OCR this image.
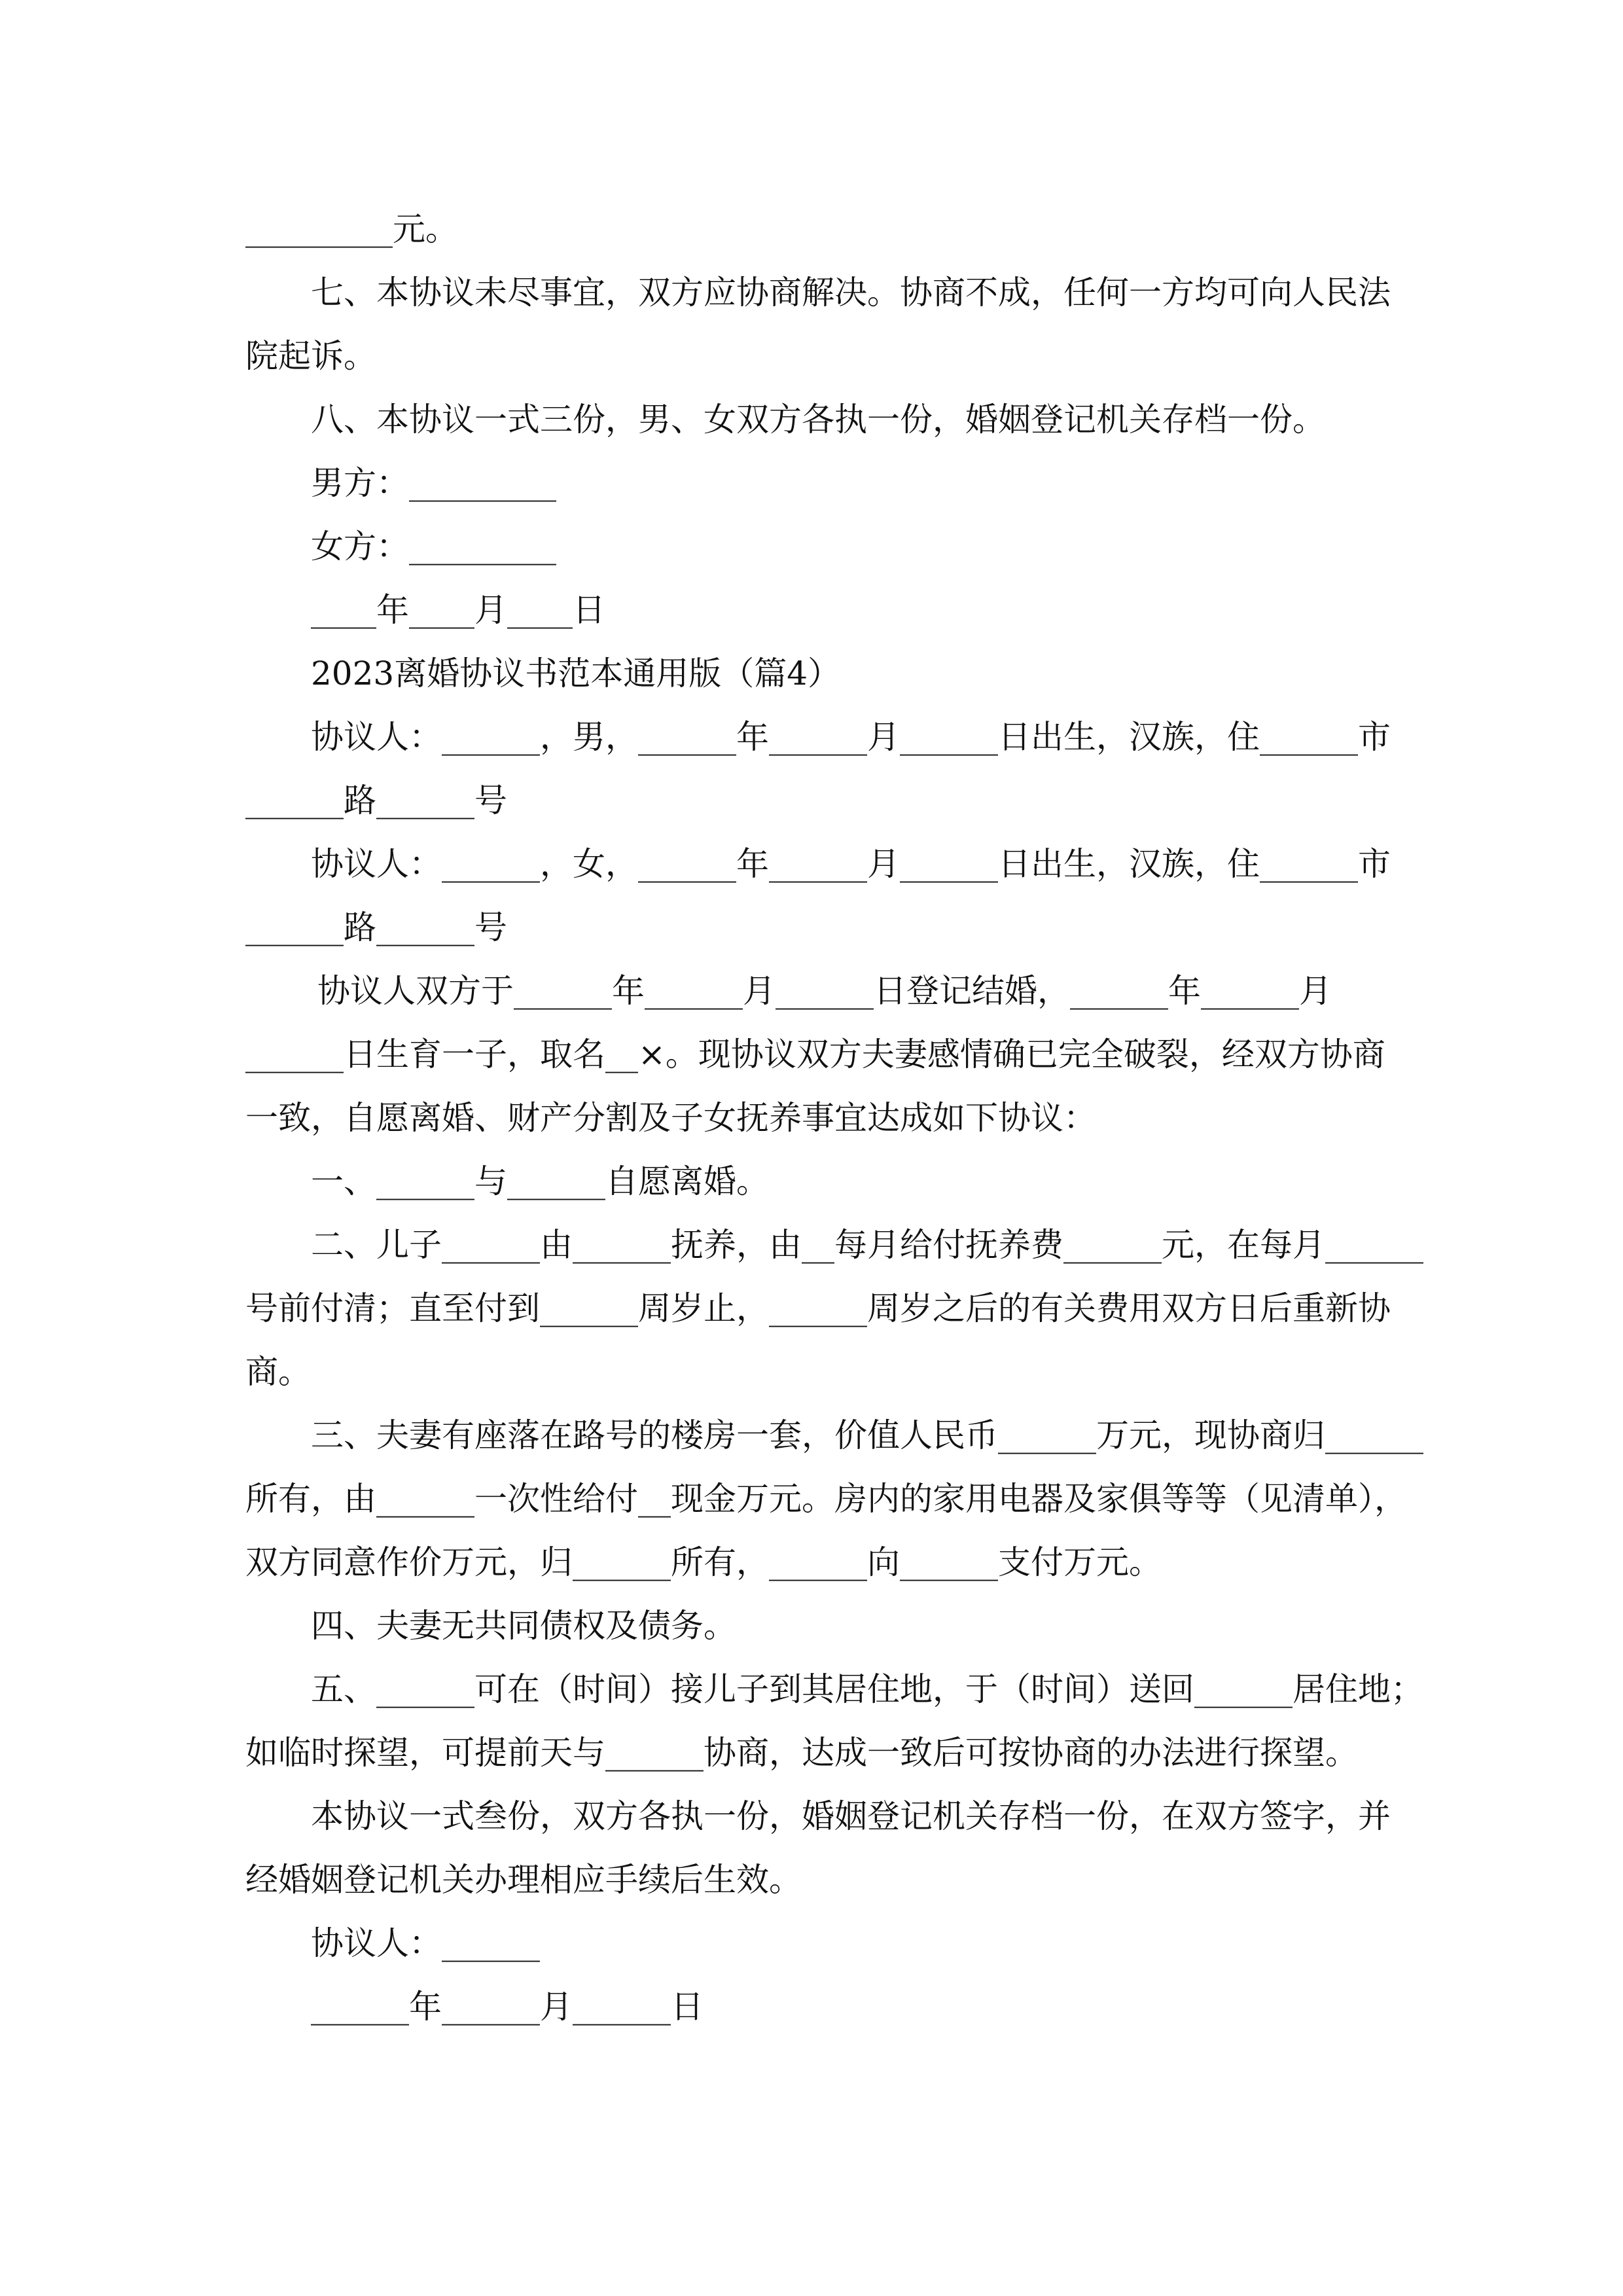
_________元。
七、本协议未尽事宜，双方应协商解决。协商不成，任何一方均可向人民法
院起诉。
八、本协议一式三份，男、女双方各执一份，婚姻登记机关存档一份。
男方：_________
女方：_________
____年____月____日
2023离婚协议书范本通用版（篇4）
协议人：______，男，______年______月______日出生，汉族，住______市
______路______号
协议人：______，女，______年______月______日出生，汉族，住______市
______路______号
协议人双方于______年______月______日登记结婚，______年______月
______日生育一子，取名__×。现协议双方夫妻感情确已完全破裂，经双方协商
一致，自愿离婚、财产分割及子女抚养事宜达成如下协议：
一、______与______自愿离婚。
二、儿子______由______抚养，由__每月给付抚养费______元，在每月______
号前付清；直至付到______周岁止，______周岁之后的有关费用双方日后重新协
商。
三、夫妻有座落在路号的楼房一套，价值人民币______万元，现协商归______
所有，由______一次性给付__现金万元。房内的家用电器及家俱等等（见清单），
双方同意作价万元，归______所有，______向______支付万元。
四、夫妻无共同债权及债务。
五、______可在（时间）接儿子到其居住地，于（时间）送回______居住地；
如临时探望，可提前天与______协商，达成一致后可按协商的办法进行探望。
本协议一式叁份，双方各执一份，婚姻登记机关存档一份，在双方签字，并
经婚姻登记机关办理相应手续后生效。
协议人：______
______年______月______日
